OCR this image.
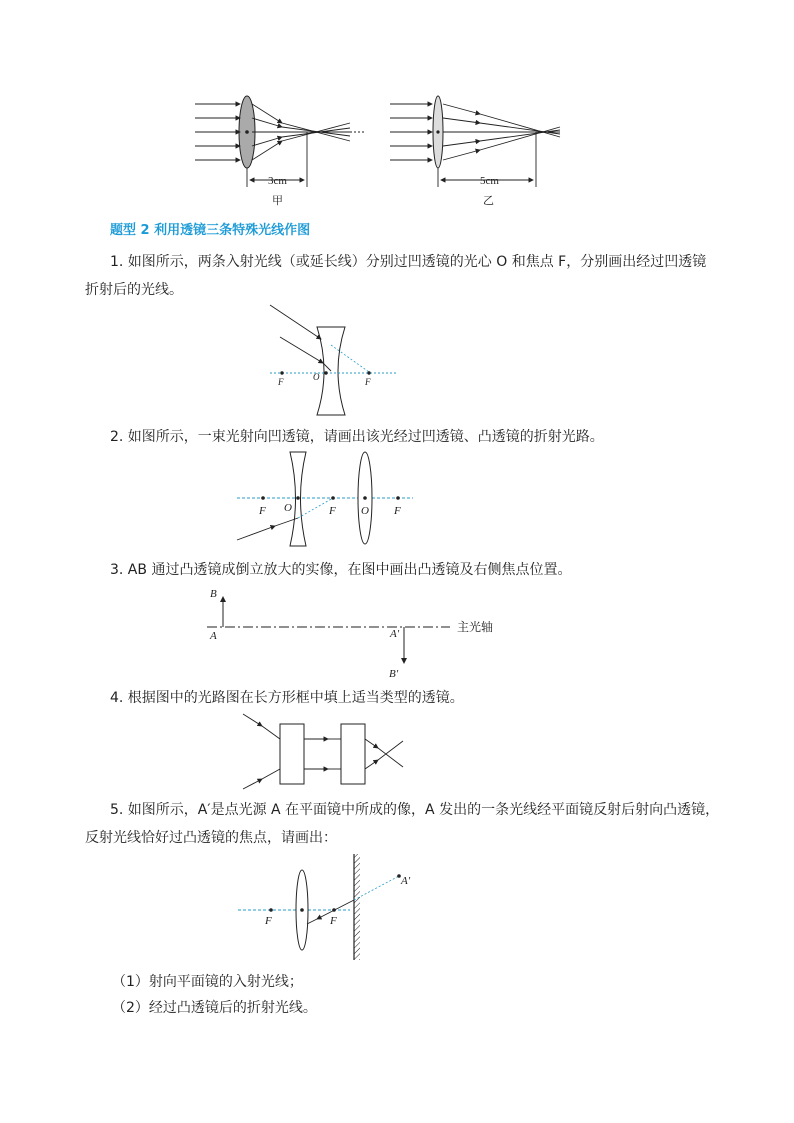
3cm
甲
5cm
乙
题型 2 利用透镜三条特殊光线作图
1. 如图所示，两条入射光线（或延长线）分别过凹透镜的光心 O 和焦点 F，分别画出经过凹透镜
折射后的光线。
F	O	F
2. 如图所示，一束光射向凹透镜，请画出该光经过凹透镜、凸透镜的折射光路。
F O	F O F
3. AB 通过凸透镜成倒立放大的实像，在图中画出凸透镜及右侧焦点位置。
B
A	A′
B′
主光轴
4. 根据图中的光路图在长方形框中填上适当类型的透镜。
5. 如图所示，A′是点光源 A 在平面镜中所成的像，A 发出的一条光线经平面镜反射后射向凸透镜，
反射光线恰好过凸透镜的焦点，请画出：
A′
F	F
（1）射向平面镜的入射光线；
（2）经过凸透镜后的折射光线。
